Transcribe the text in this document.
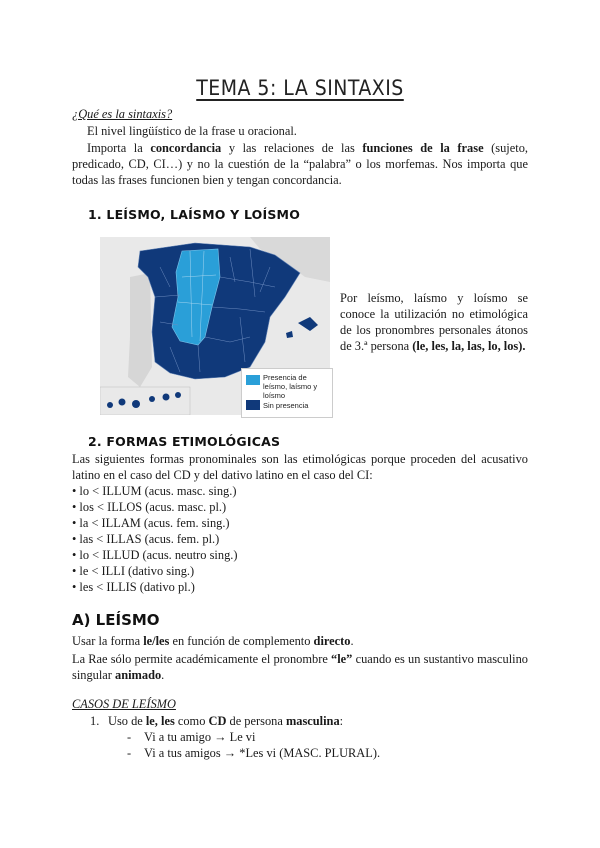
TEMA 5: LA SINTAXIS
¿Qué es la sintaxis?
El nivel lingüístico de la frase u oracional.
Importa la concordancia y las relaciones de las funciones de la frase (sujeto, predicado, CD, CI…) y no la cuestión de la “palabra” o los morfemas. Nos importa que todas las frases funcionen bien y tengan concordancia.
1. LEÍSMO, LAÍSMO Y LOÍSMO
Presencia de leísmo, laísmo y loísmo
Sin presencia
Por leísmo, laísmo y loísmo se conoce la utilización no etimológica de los pronombres personales átonos de 3.ª persona (le, les, la, las, lo, los).
2. FORMAS ETIMOLÓGICAS
Las siguientes formas pronominales son las etimológicas porque proceden del acusativo latino en el caso del CD y del dativo latino en el caso del CI:
• lo < ILLUM (acus. masc. sing.)
• los < ILLOS (acus. masc. pl.)
• la < ILLAM (acus. fem. sing.)
• las < ILLAS (acus. fem. pl.)
• lo < ILLUD (acus. neutro sing.)
• le < ILLI (dativo sing.)
• les < ILLIS (dativo pl.)
A) LEÍSMO
Usar la forma le/les en función de complemento directo.
La Rae sólo permite académicamente el pronombre “le” cuando es un sustantivo masculino singular animado.
CASOS DE LEÍSMO
1. Uso de le, les como CD de persona masculina:
- Vi a tu amigo → Le vi
- Vi a tus amigos → *Les vi (MASC. PLURAL).
